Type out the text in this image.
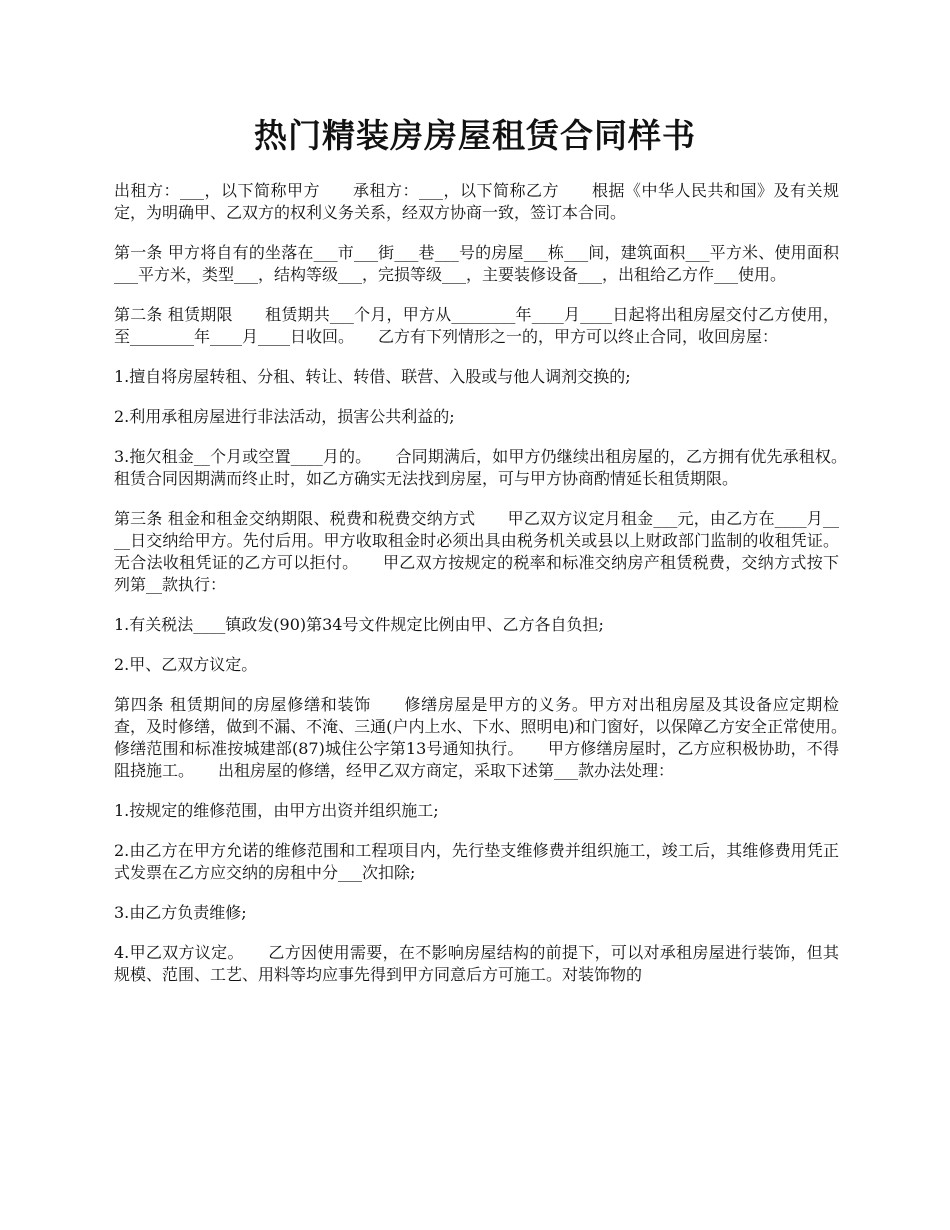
热门精装房房屋租赁合同样书

出租方：___，以下简称甲方　　承租方：___，以下简称乙方　　根据《中华人民共和国》及有关规定，为明确甲、乙双方的权利义务关系，经双方协商一致，签订本合同。

第一条 甲方将自有的坐落在___市___街___巷___号的房屋___栋___间，建筑面积___平方米、使用面积___平方米，类型___，结构等级___，完损等级___，主要装修设备___，出租给乙方作___使用。

第二条 租赁期限　　租赁期共___个月，甲方从________年____月____日起将出租房屋交付乙方使用，至________年____月____日收回。　　乙方有下列情形之一的，甲方可以终止合同，收回房屋：

1.擅自将房屋转租、分租、转让、转借、联营、入股或与他人调剂交换的;

2.利用承租房屋进行非法活动，损害公共利益的;

3.拖欠租金__个月或空置____月的。　　合同期满后，如甲方仍继续出租房屋的，乙方拥有优先承租权。　　租赁合同因期满而终止时，如乙方确实无法找到房屋，可与甲方协商酌情延长租赁期限。

第三条 租金和租金交纳期限、税费和税费交纳方式　　甲乙双方议定月租金___元，由乙方在____月____日交纳给甲方。先付后用。甲方收取租金时必须出具由税务机关或县以上财政部门监制的收租凭证。无合法收租凭证的乙方可以拒付。　　甲乙双方按规定的税率和标准交纳房产租赁税费，交纳方式按下列第__款执行：

1.有关税法____镇政发(90)第34号文件规定比例由甲、乙方各自负担;

2.甲、乙双方议定。

第四条 租赁期间的房屋修缮和装饰　　修缮房屋是甲方的义务。甲方对出租房屋及其设备应定期检查，及时修缮，做到不漏、不淹、三通(户内上水、下水、照明电)和门窗好，以保障乙方安全正常使用。　　修缮范围和标准按城建部(87)城住公字第13号通知执行。　　甲方修缮房屋时，乙方应积极协助，不得阻挠施工。　　出租房屋的修缮，经甲乙双方商定，采取下述第___款办法处理：

1.按规定的维修范围，由甲方出资并组织施工;

2.由乙方在甲方允诺的维修范围和工程项目内，先行垫支维修费并组织施工，竣工后，其维修费用凭正式发票在乙方应交纳的房租中分___次扣除;

3.由乙方负责维修;

4.甲乙双方议定。　　乙方因使用需要，在不影响房屋结构的前提下，可以对承租房屋进行装饰，但其规模、范围、工艺、用料等均应事先得到甲方同意后方可施工。对装饰物的
